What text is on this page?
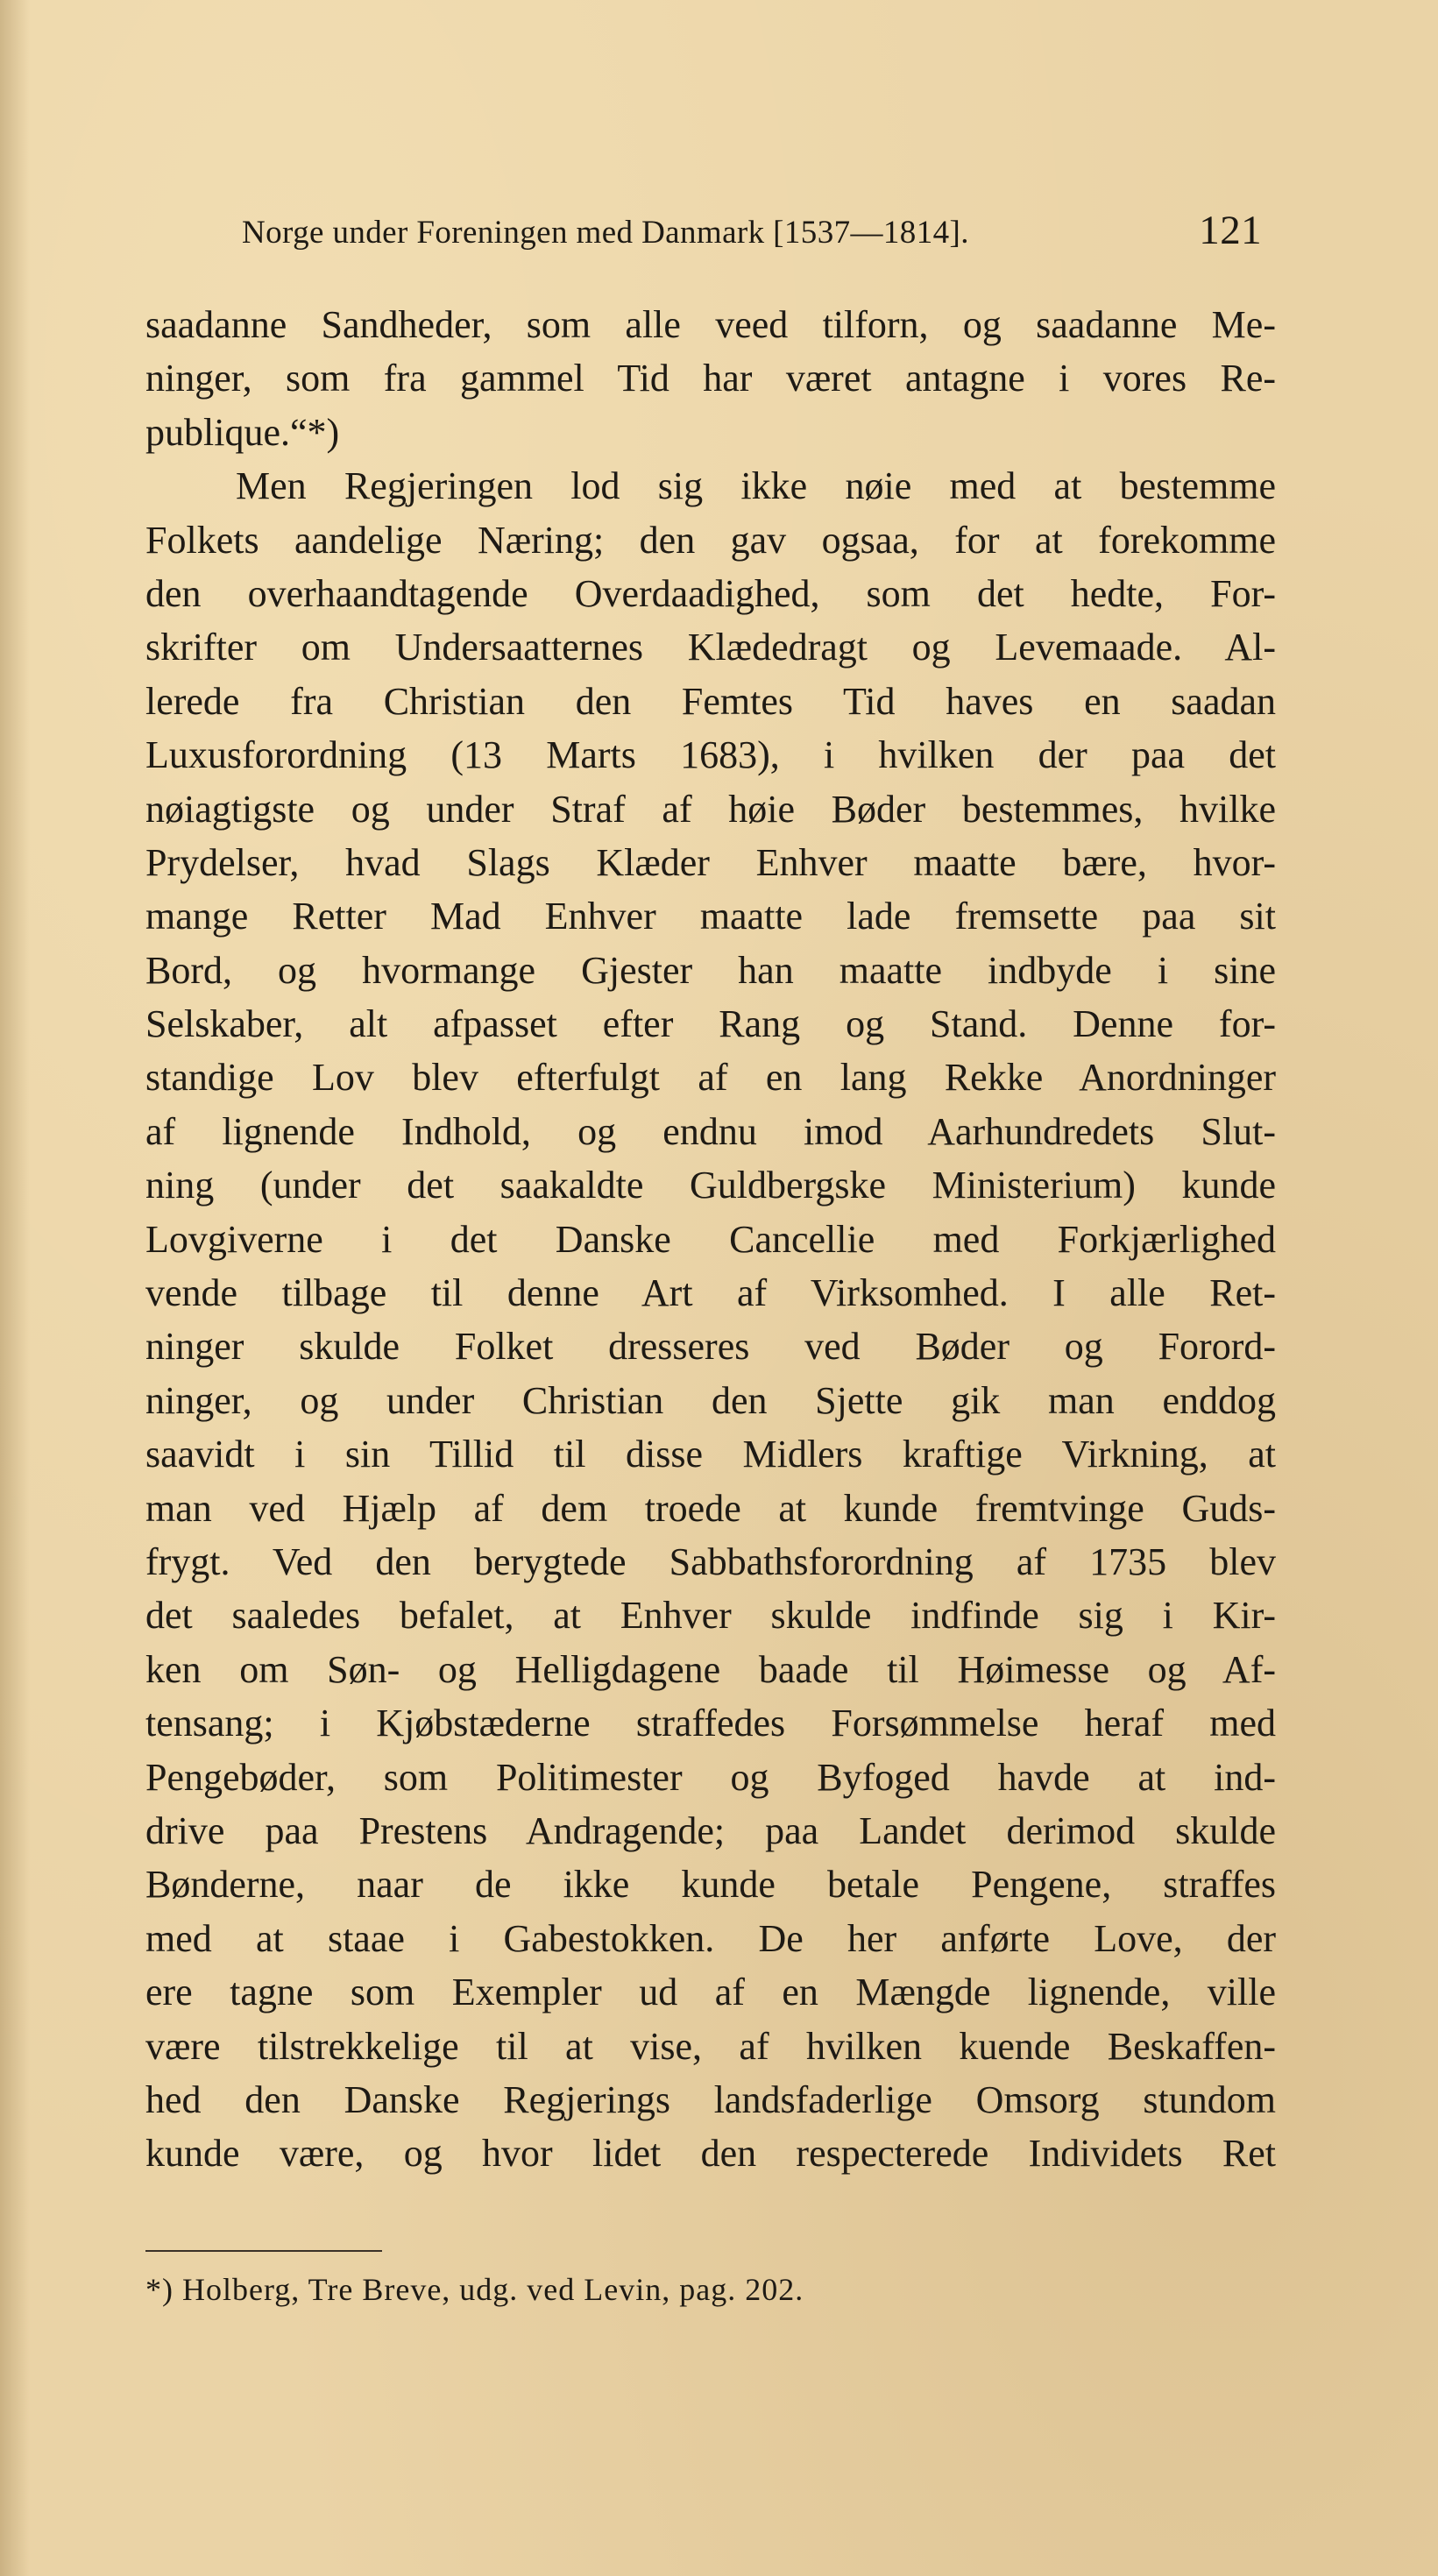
Norge under Foreningen med Danmark [1537—1814].	121
saadanne Sandheder, som alle veed tilforn, og saadanne Me-
ninger, som fra gammel Tid har været antagne i vores Re-
publique.“*)
Men Regjeringen lod sig ikke nøie med at bestemme
Folkets aandelige Næring; den gav ogsaa, for at forekomme
den overhaandtagende Overdaadighed, som det hedte, For-
skrifter om Undersaatternes Klædedragt og Levemaade. Al-
lerede fra Christian den Femtes Tid haves en saadan
Luxusforordning (13 Marts 1683), i hvilken der paa det
nøiagtigste og under Straf af høie Bøder bestemmes, hvilke
Prydelser, hvad Slags Klæder Enhver maatte bære, hvor-
mange Retter Mad Enhver maatte lade fremsette paa sit
Bord, og hvormange Gjester han maatte indbyde i sine
Selskaber, alt afpasset efter Rang og Stand. Denne for-
standige Lov blev efterfulgt af en lang Rekke Anordninger
af lignende Indhold, og endnu imod Aarhundredets Slut-
ning (under det saakaldte Guldbergske Ministerium) kunde
Lovgiverne i det Danske Cancellie med Forkjærlighed
vende tilbage til denne Art af Virksomhed. I alle Ret-
ninger skulde Folket dresseres ved Bøder og Forord-
ninger, og under Christian den Sjette gik man enddog
saavidt i sin Tillid til disse Midlers kraftige Virkning, at
man ved Hjælp af dem troede at kunde fremtvinge Guds-
frygt. Ved den berygtede Sabbathsforordning af 1735 blev
det saaledes befalet, at Enhver skulde indfinde sig i Kir-
ken om Søn- og Helligdagene baade til Høimesse og Af-
tensang; i Kjøbstæderne straffedes Forsømmelse heraf med
Pengebøder, som Politimester og Byfoged havde at ind-
drive paa Prestens Andragende; paa Landet derimod skulde
Bønderne, naar de ikke kunde betale Pengene, straffes
med at staae i Gabestokken. De her anførte Love, der
ere tagne som Exempler ud af en Mængde lignende, ville
være tilstrekkelige til at vise, af hvilken kuende Beskaffen-
hed den Danske Regjerings landsfaderlige Omsorg stundom
kunde være, og hvor lidet den respecterede Individets Ret
*) Holberg, Tre Breve, udg. ved Levin, pag. 202.
